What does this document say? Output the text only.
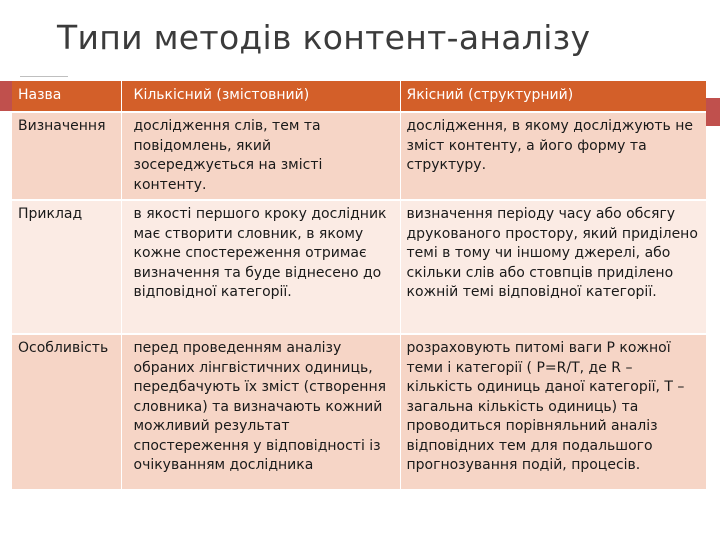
Типи методів контент-аналізу
Назва	Кількісний (змістовний)	Якісний (структурний)
Визначення	дослідження слів, тем та повідомлень, який зосереджується на змісті контенту.	дослідження, в якому досліджують не зміст контенту, а його форму та структуру.
Приклад	в якості першого кроку дослідник має створити словник, в якому кожне спостереження отримає визначення та буде віднесено до відповідної категорії.	визначення періоду часу або обсягу друкованого простору, який приділено темі в тому чи іншому джерелі, або скільки слів або стовпців приділено кожній темі відповідної категорії.
Особливість	перед проведенням аналізу обраних лінгвістичних одиниць, передбачують їх зміст (створення словника) та визначають кожний можливий результат спостереження у відповідності із очікуванням дослідника	розраховують питомі ваги P кожної теми і категорії ( P=R/T, де R – кількість одиниць даної категорії, T – загальна кількість одиниць) та проводиться порівняльний аналіз відповідних тем для подальшого прогнозування подій, процесів.
